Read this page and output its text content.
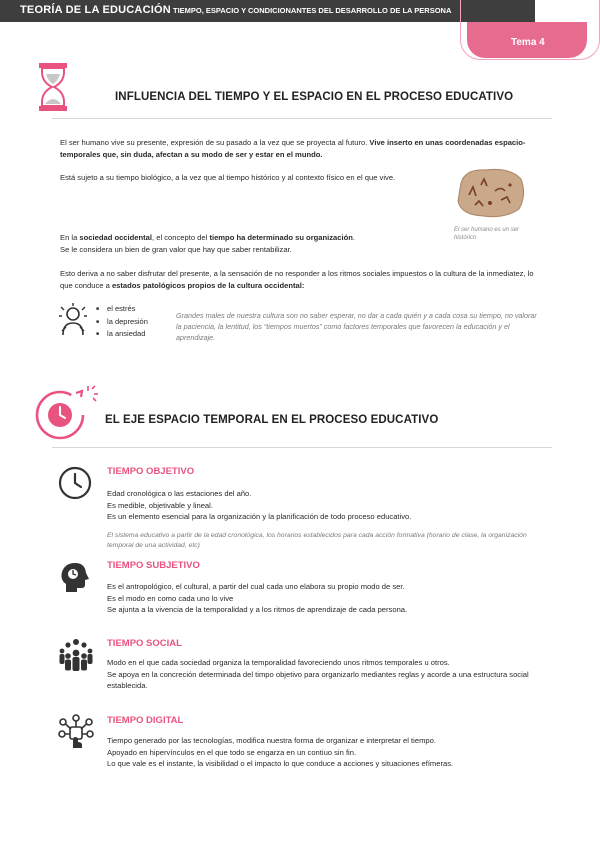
TEORÍA DE LA EDUCACIÓN TIEMPO, ESPACIO Y CONDICIONANTES DEL DESARROLLO DE LA PERSONA
Tema 4
INFLUENCIA DEL TIEMPO Y EL ESPACIO EN EL PROCESO EDUCATIVO

El ser humano vive su presente, expresión de su pasado a la vez que se proyecta al futuro. Vive inserto en unas coordenadas espacio-temporales que, sin duda, afectan a su modo de ser y estar en el mundo.

Está sujeto a su tiempo biológico, a la vez que al tiempo histórico y al contexto físico en el que vive.

El ser humano es un ser histórico

En la sociedad occidental, el concepto del tiempo ha determinado su organización.
Se le considera un bien de gran valor que hay que saber rentabilizar.

Esto deriva a no saber disfrutar del presente, a la sensación de no responder a los ritmos sociales impuestos o la cultura de la inmediatez, lo que conduce a estados patológicos propios de la cultura occidental:

■ el estrés
■ la depresión
■ la ansiedad

Grandes males de nuestra cultura son no saber esperar, no dar a cada quién y a cada cosa su tiempo, no valorar la paciencia, la lentitud, los “tiempos muertos” como factores temporales que favorecen la educación y el aprendizaje.

EL EJE ESPACIO TEMPORAL EN EL PROCESO EDUCATIVO
TIEMPO OBJETIVO

Edad cronológica o las estaciones del año.
Es medible, objetivable y lineal.
Es un elemento esencial para la organización y la planificación de todo proceso educativo.

El sistema educativo a partir de la edad cronológica, los horarios establecidos para cada acción formativa (horario de clase, la organización temporal de una actividad, etc)

TIEMPO SUBJETIVO

Es el antropológico, el cultural, a partir del cual cada uno elabora su propio modo de ser.
Es el modo en como cada uno lo vive
Se ajunta a la vivencia de la temporalidad y a los ritmos de aprendizaje de cada persona.

TIEMPO SOCIAL

Modo en el que cada sociedad organiza la temporalidad favoreciendo unos ritmos temporales u otros.
Se apoya en la concreción determinada del timpo objetivo para organizarlo mediantes reglas y acorde a una estructura social establecida.

TIEMPO DIGITAL

Tiempo generado por las tecnologías, modifica nuestra forma de organizar e interpretar el tiempo.
Apoyado en hipervínculos en el que todo se engarza en un contiuo sin fin.
Lo que vale es el instante, la visibilidad o el impacto lo que conduce a acciones y situaciones efímeras.
